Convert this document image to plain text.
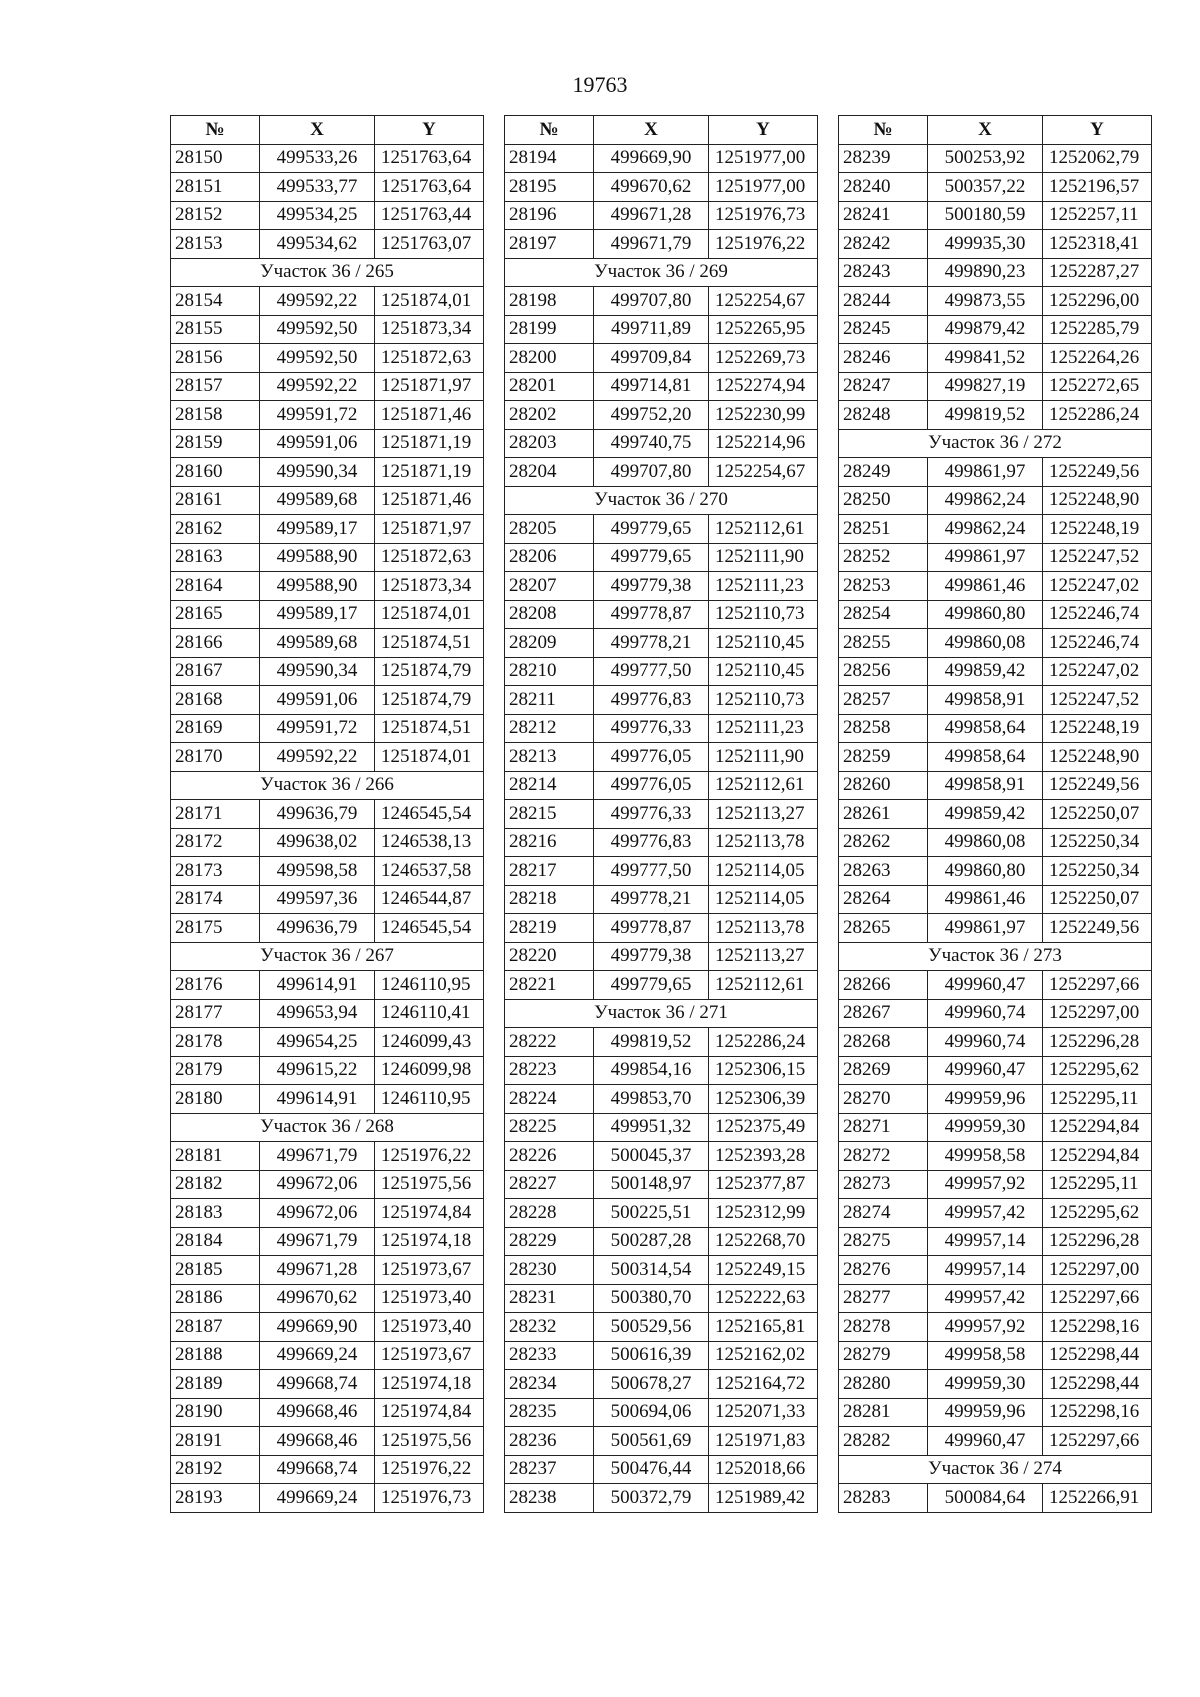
19763
№	X	Y
28150	499533,26	1251763,64
28151	499533,77	1251763,64
28152	499534,25	1251763,44
28153	499534,62	1251763,07
Участок 36 / 265		
28154	499592,22	1251874,01
28155	499592,50	1251873,34
28156	499592,50	1251872,63
28157	499592,22	1251871,97
28158	499591,72	1251871,46
28159	499591,06	1251871,19
28160	499590,34	1251871,19
28161	499589,68	1251871,46
28162	499589,17	1251871,97
28163	499588,90	1251872,63
28164	499588,90	1251873,34
28165	499589,17	1251874,01
28166	499589,68	1251874,51
28167	499590,34	1251874,79
28168	499591,06	1251874,79
28169	499591,72	1251874,51
28170	499592,22	1251874,01
Участок 36 / 266		
28171	499636,79	1246545,54
28172	499638,02	1246538,13
28173	499598,58	1246537,58
28174	499597,36	1246544,87
28175	499636,79	1246545,54
Участок 36 / 267		
28176	499614,91	1246110,95
28177	499653,94	1246110,41
28178	499654,25	1246099,43
28179	499615,22	1246099,98
28180	499614,91	1246110,95
Участок 36 / 268		
28181	499671,79	1251976,22
28182	499672,06	1251975,56
28183	499672,06	1251974,84
28184	499671,79	1251974,18
28185	499671,28	1251973,67
28186	499670,62	1251973,40
28187	499669,90	1251973,40
28188	499669,24	1251973,67
28189	499668,74	1251974,18
28190	499668,46	1251974,84
28191	499668,46	1251975,56
28192	499668,74	1251976,22
28193	499669,24	1251976,73
№	X	Y
28194	499669,90	1251977,00
28195	499670,62	1251977,00
28196	499671,28	1251976,73
28197	499671,79	1251976,22
Участок 36 / 269		
28198	499707,80	1252254,67
28199	499711,89	1252265,95
28200	499709,84	1252269,73
28201	499714,81	1252274,94
28202	499752,20	1252230,99
28203	499740,75	1252214,96
28204	499707,80	1252254,67
Участок 36 / 270		
28205	499779,65	1252112,61
28206	499779,65	1252111,90
28207	499779,38	1252111,23
28208	499778,87	1252110,73
28209	499778,21	1252110,45
28210	499777,50	1252110,45
28211	499776,83	1252110,73
28212	499776,33	1252111,23
28213	499776,05	1252111,90
28214	499776,05	1252112,61
28215	499776,33	1252113,27
28216	499776,83	1252113,78
28217	499777,50	1252114,05
28218	499778,21	1252114,05
28219	499778,87	1252113,78
28220	499779,38	1252113,27
28221	499779,65	1252112,61
Участок 36 / 271		
28222	499819,52	1252286,24
28223	499854,16	1252306,15
28224	499853,70	1252306,39
28225	499951,32	1252375,49
28226	500045,37	1252393,28
28227	500148,97	1252377,87
28228	500225,51	1252312,99
28229	500287,28	1252268,70
28230	500314,54	1252249,15
28231	500380,70	1252222,63
28232	500529,56	1252165,81
28233	500616,39	1252162,02
28234	500678,27	1252164,72
28235	500694,06	1252071,33
28236	500561,69	1251971,83
28237	500476,44	1252018,66
28238	500372,79	1251989,42
№	X	Y
28239	500253,92	1252062,79
28240	500357,22	1252196,57
28241	500180,59	1252257,11
28242	499935,30	1252318,41
28243	499890,23	1252287,27
28244	499873,55	1252296,00
28245	499879,42	1252285,79
28246	499841,52	1252264,26
28247	499827,19	1252272,65
28248	499819,52	1252286,24
Участок 36 / 272		
28249	499861,97	1252249,56
28250	499862,24	1252248,90
28251	499862,24	1252248,19
28252	499861,97	1252247,52
28253	499861,46	1252247,02
28254	499860,80	1252246,74
28255	499860,08	1252246,74
28256	499859,42	1252247,02
28257	499858,91	1252247,52
28258	499858,64	1252248,19
28259	499858,64	1252248,90
28260	499858,91	1252249,56
28261	499859,42	1252250,07
28262	499860,08	1252250,34
28263	499860,80	1252250,34
28264	499861,46	1252250,07
28265	499861,97	1252249,56
Участок 36 / 273		
28266	499960,47	1252297,66
28267	499960,74	1252297,00
28268	499960,74	1252296,28
28269	499960,47	1252295,62
28270	499959,96	1252295,11
28271	499959,30	1252294,84
28272	499958,58	1252294,84
28273	499957,92	1252295,11
28274	499957,42	1252295,62
28275	499957,14	1252296,28
28276	499957,14	1252297,00
28277	499957,42	1252297,66
28278	499957,92	1252298,16
28279	499958,58	1252298,44
28280	499959,30	1252298,44
28281	499959,96	1252298,16
28282	499960,47	1252297,66
Участок 36 / 274		
28283	500084,64	1252266,91
